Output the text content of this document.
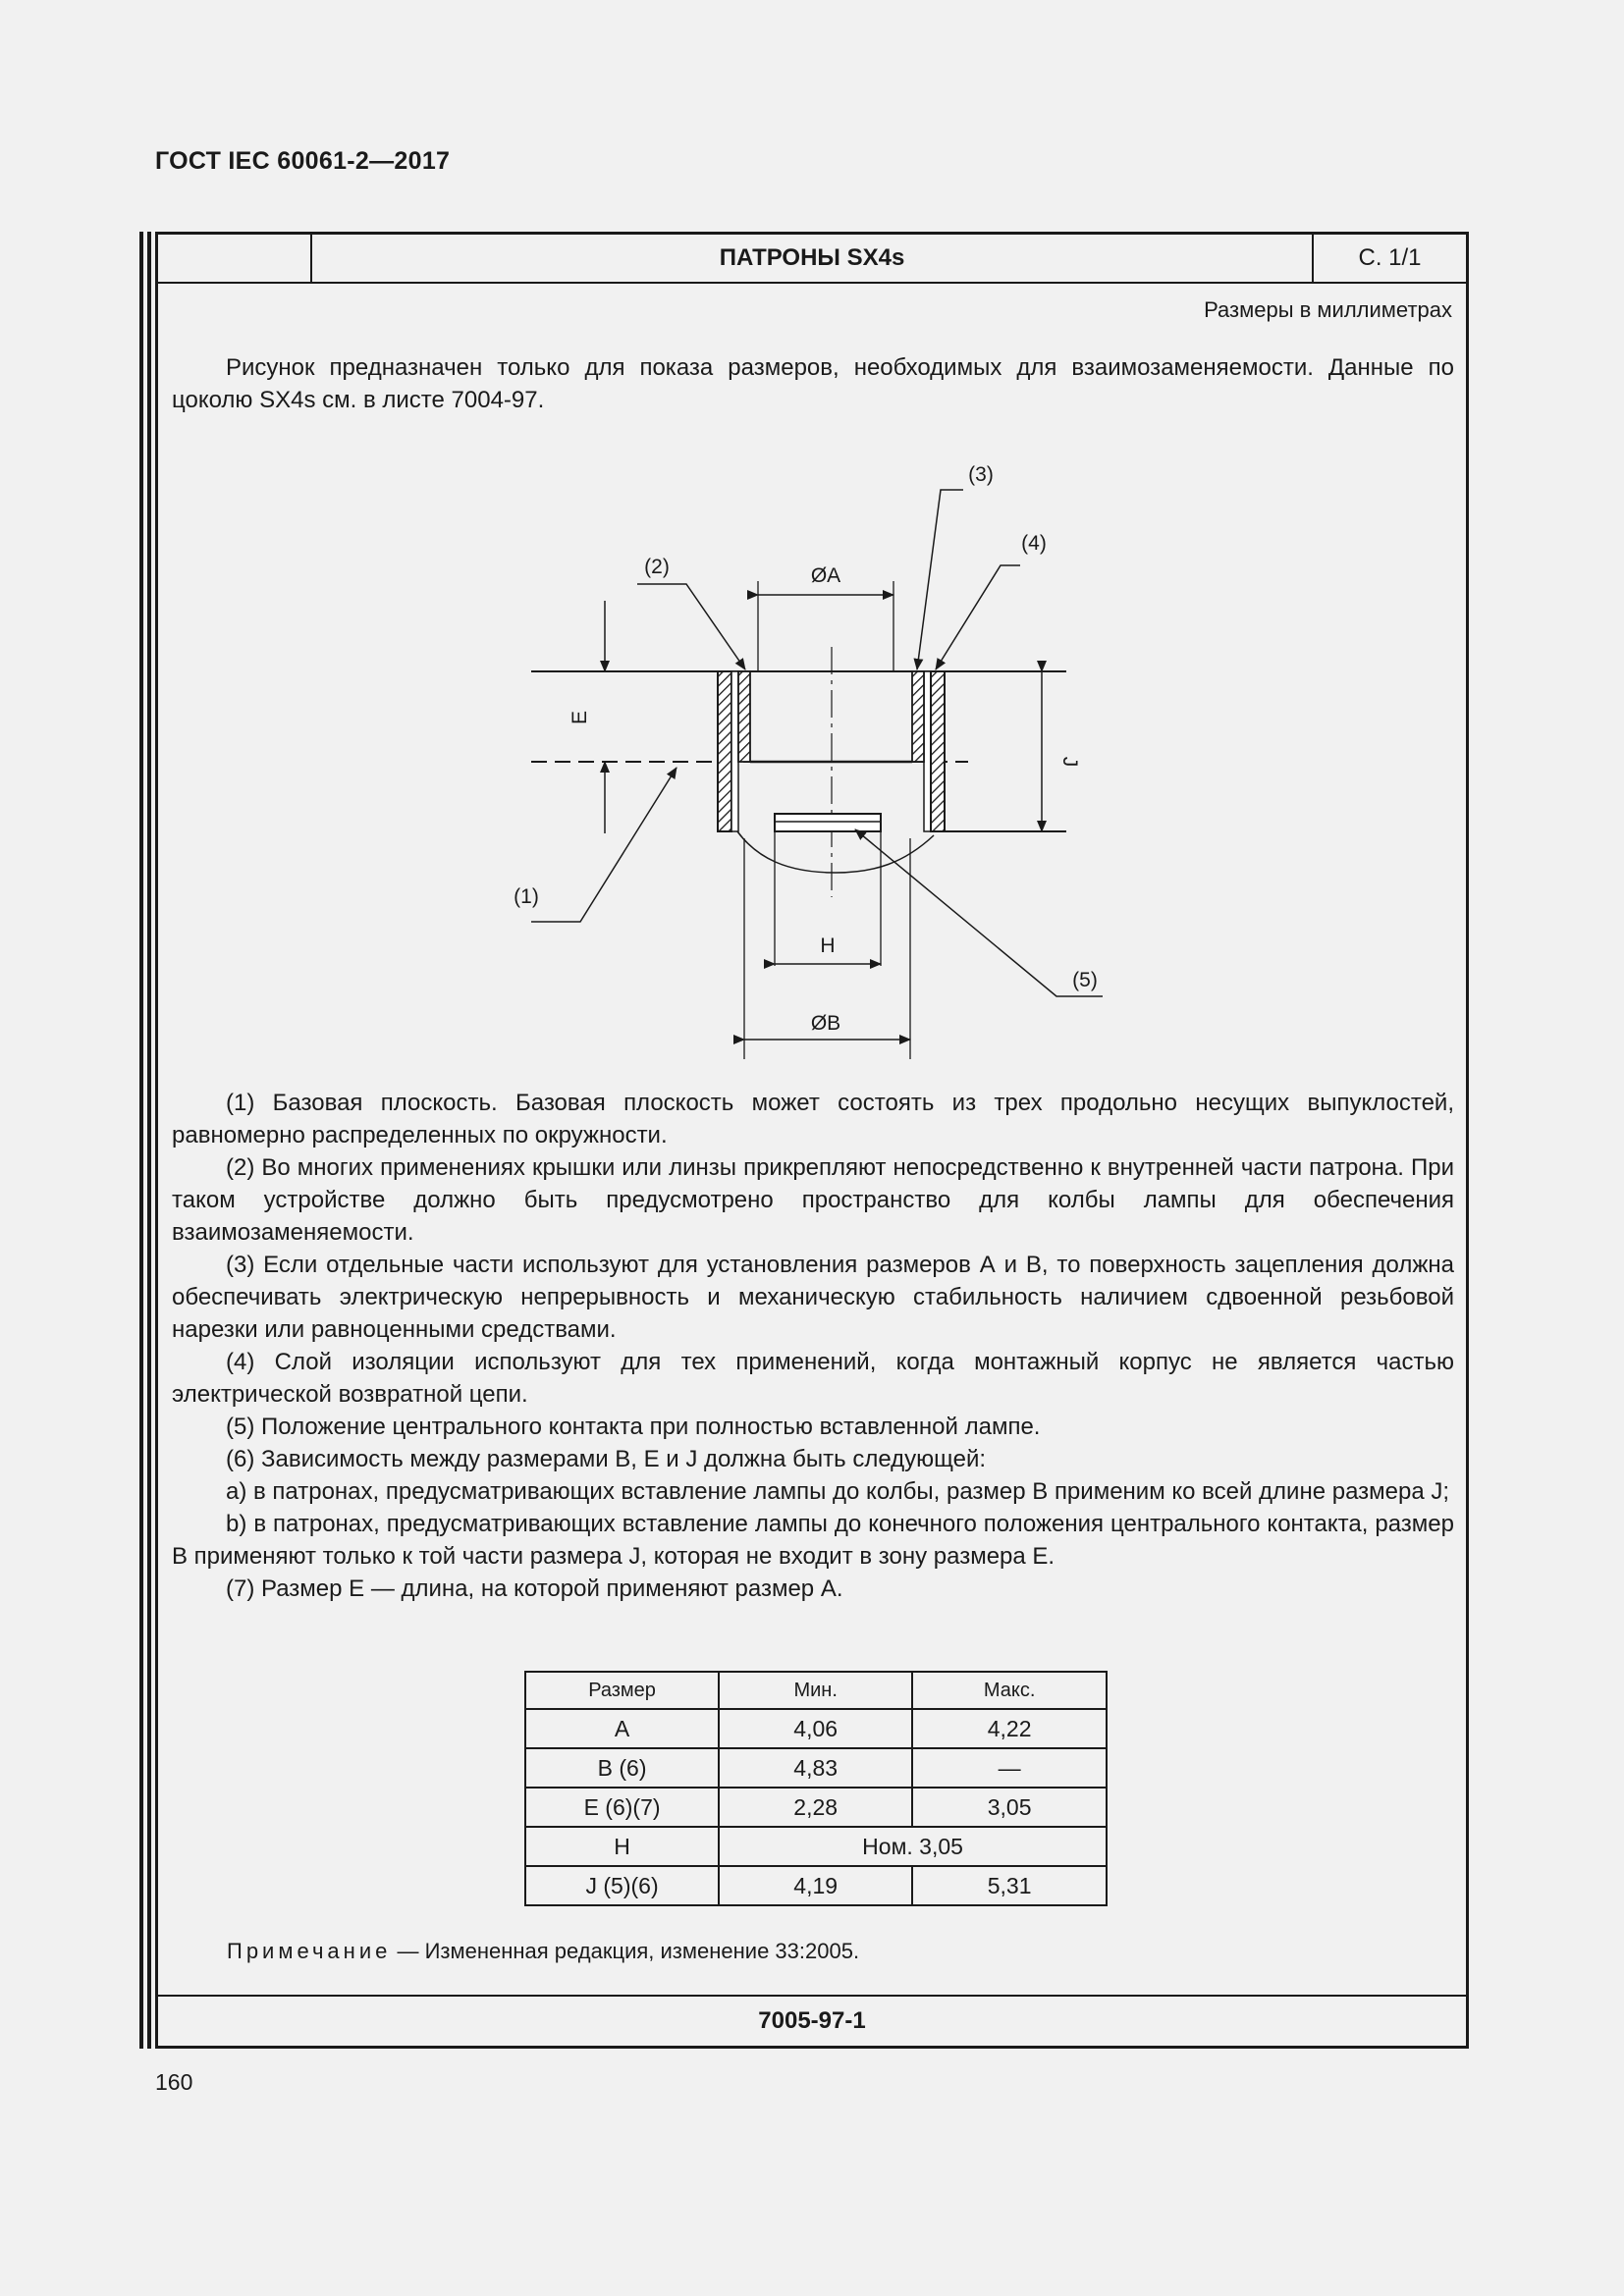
ГОСТ IEC 60061-2—2017
ПАТРОНЫ SX4s	С. 1/1
Размеры в миллиметрах

Рисунок предназначен только для показа размеров, необходимых для взаимозаменяемости. Данные по цоколю SX4s см. в листе 7004-97.

(1)
(2)
(3)
(4)
(5)
ØA
ØB
H
E
J

(1) Базовая плоскость. Базовая плоскость может состоять из трех продольно несущих выпуклостей, равномерно распределенных по окружности.

(2) Во многих применениях крышки или линзы прикрепляют непосредственно к внутренней части патрона. При таком устройстве должно быть предусмотрено пространство для колбы лампы для обеспечения взаимозаменяемости.

(3) Если отдельные части используют для установления размеров А и В, то поверхность зацепления должна обеспечивать электрическую непрерывность и механическую стабильность наличием сдвоенной резьбовой нарезки или равноценными средствами.

(4) Слой изоляции используют для тех применений, когда монтажный корпус не является частью электрической возвратной цепи.

(5) Положение центрального контакта при полностью вставленной лампе.

(6) Зависимость между размерами В, Е и J должна быть следующей:

а) в патронах, предусматривающих вставление лампы до колбы, размер В применим ко всей длине размера J;

b) в патронах, предусматривающих вставление лампы до конечного положения центрального контакта, размер В применяют только к той части размера J, которая не входит в зону размера Е.

(7) Размер Е — длина, на которой применяют размер А.

Размер	Мин.	Макс.
A	4,06	4,22
B (6)	4,83	—
E (6)(7)	2,28	3,05
H	Ном. 3,05	
J (5)(6)	4,19	5,31
Примечание — Измененная редакция, изменение 33:2005.
7005-97-1
160
